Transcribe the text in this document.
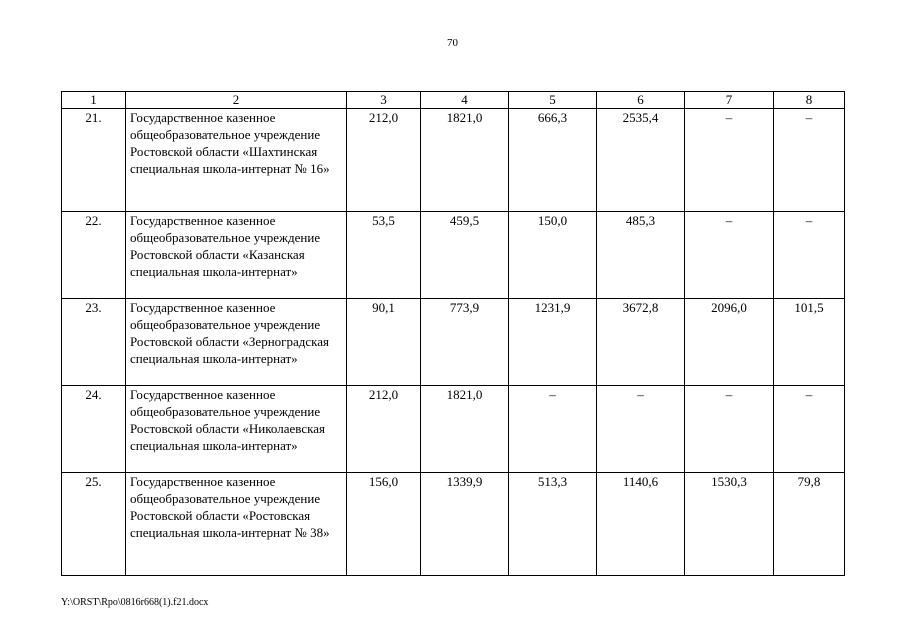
70
1	2	3	4	5	6	7	8
21.	Государственное казенное общеобразовательное учреждение Ростовской области «Шахтинская специальная школа-интернат № 16»	212,0	1821,0	666,3	2535,4	–	–
22.	Государственное казенное общеобразовательное учреждение Ростовской области «Казанская специальная школа-интернат»	53,5	459,5	150,0	485,3	–	–
23.	Государственное казенное общеобразовательное учреждение Ростовской области «Зерноградская специальная школа-интернат»	90,1	773,9	1231,9	3672,8	2096,0	101,5
24.	Государственное казенное общеобразовательное учреждение Ростовской области «Николаевская специальная школа-интернат»	212,0	1821,0	–	–	–	–
25.	Государственное казенное общеобразовательное учреждение Ростовской области «Ростовская специальная школа-интернат № 38»	156,0	1339,9	513,3	1140,6	1530,3	79,8
Y:\ORST\Rpo\0816r668(1).f21.docx
